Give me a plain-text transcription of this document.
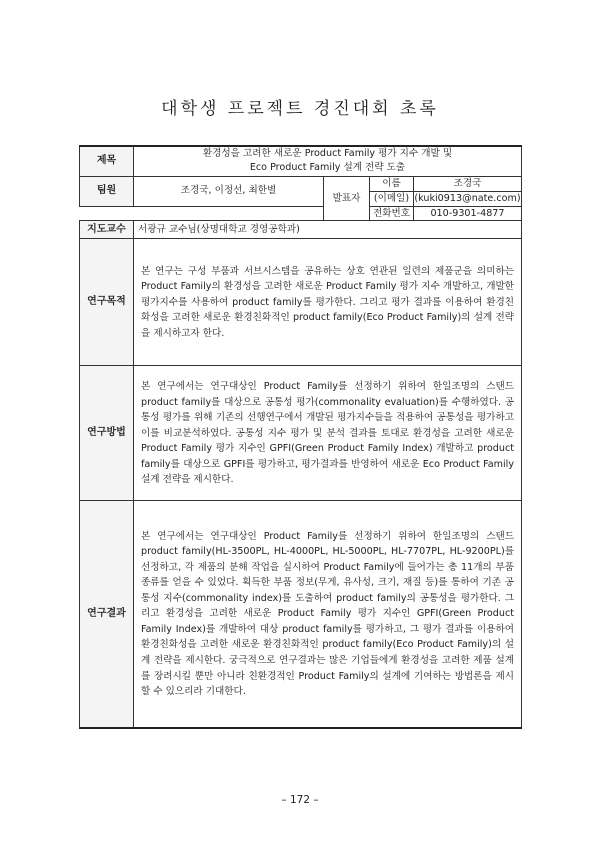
대학생 프로젝트 경진대회 초록
제목	환경성을 고려한 새로운 Product Family 평가 지수 개발 및
Eco Product Family 설계 전략 도출			

팀원	조경국, 이정선, 최한별	발표자	이름	조경국
			(이메일)	(kuki0913@nate.com)
			전화번호	010-9301-4877
지도교수	서광규 교수님(상명대학교 경영공학과)			
연구목적	본 연구는 구성 부품과 서브시스템을 공유하는 상호 연관된 일련의 제품군을 의미하는 Product Family의 환경성을 고려한 새로운 Product Family 평가 지수 개발하고, 개발한 평가지수를 사용하여 product family를 평가한다. 그리고 평가 결과를 이용하여 환경친화성을 고려한 새로운 환경친화적인 product family(Eco Product Family)의 설계 전략을 제시하고자 한다.			
연구방법	본 연구에서는 연구대상인 Product Family를 선정하기 위하여 한일조명의 스탠드 product family를 대상으로 공통성 평가(commonality evaluation)를 수행하였다. 공통성 평가를 위해 기존의 선행연구에서 개발된 평가지수들을 적용하여 공통성을 평가하고 이를 비교분석하였다. 공통성 지수 평가 및 분석 결과를 토대로 환경성을 고려한 새로운 Product Family 평가 지수인 GPFI(Green Product Family Index) 개발하고 product family를 대상으로 GPFI를 평가하고, 평가결과를 반영하여 새로운 Eco Product Family 설계 전략을 제시한다.			
연구결과	본 연구에서는 연구대상인 Product Family를 선정하기 위하여 한일조명의 스탠드 product family(HL-3500PL, HL-4000PL, HL-5000PL, HL-7707PL, HL-9200PL)를 선정하고, 각 제품의 분해 작업을 실시하여 Product Family에 들어가는 총 11개의 부품 종류를 얻을 수 있었다. 획득한 부품 정보(무게, 유사성, 크기, 재질 등)를 통하여 기존 공통성 지수(commonality index)를 도출하여 product family의 공통성을 평가한다. 그리고 환경성을 고려한 새로운 Product Family 평가 지수인 GPFI(Green Product Family Index)를 개발하여 대상 product family를 평가하고, 그 평가 결과를 이용하여 환경친화성을 고려한 새로운 환경친화적인 product family(Eco Product Family)의 설계 전략을 제시한다. 궁극적으로 연구결과는 많은 기업들에게 환경성을 고려한 제품 설계를 장려시킬 뿐만 아니라 친환경적인 Product Family의 설계에 기여하는 방법론을 제시할 수 있으리라 기대한다.			
– 172 –
